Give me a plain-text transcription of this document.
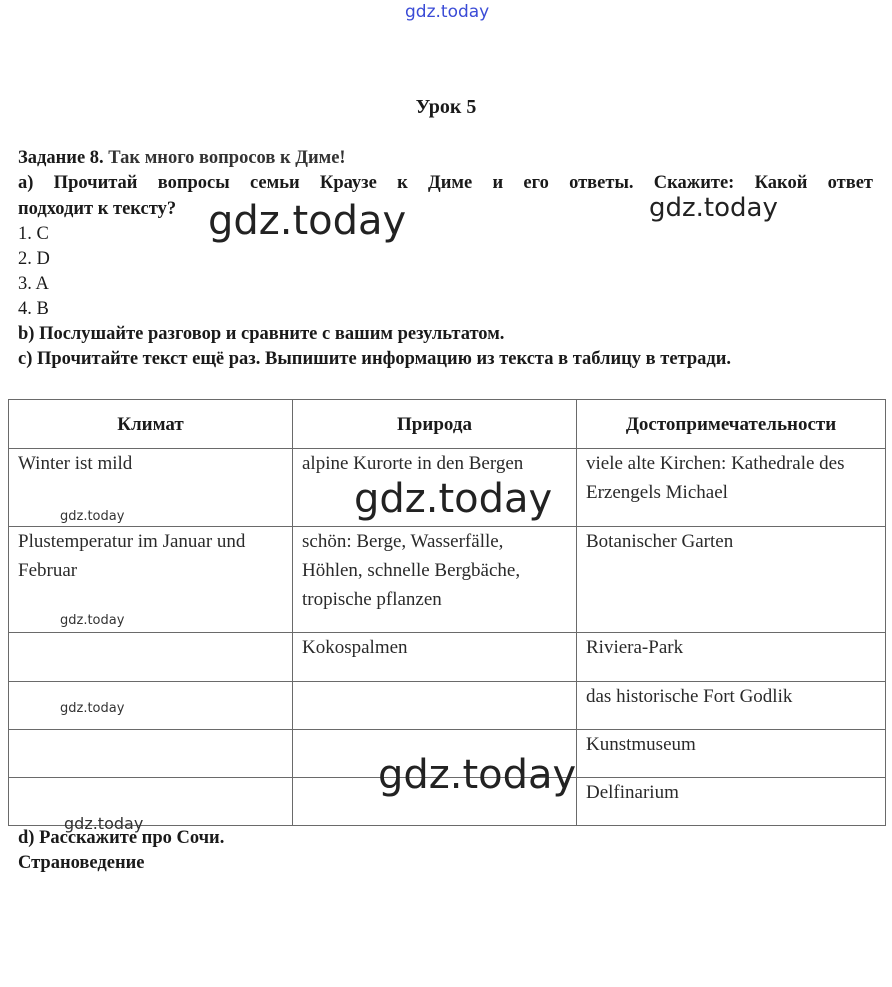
gdz.today
gdz.today	gdz.today
Урок 5
Задание 8. Так много вопросов к Диме!
а) Прочитай вопросы семьи Краузе к Диме и его ответы. Скажите: Какой ответ
подходит к тексту?
1. C
2. D
3. A
4. B
b) Послушайте разговор и сравните с вашим результатом.
c) Прочитайте текст ещё раз. Выпишите информацию из текста в таблицу в тетради.
Климат	Природа	Достопримечательности
Winter ist mild	alpine Kurorte in den Bergen	viele alte Kirchen: Kathedrale des Erzengels Michael
Plustemperatur im Januar und Februar	schön: Berge, Wasserfälle, Höhlen, schnelle Bergbäche, tropische pflanzen	Botanischer Garten
	Kokospalmen	Riviera-Park
		das historische Fort Godlik
		Kunstmuseum
		Delfinarium
gdz.today
gdz.today
gdz.today
gdz.today
gdz.today
gdz.today
d) Расскажите про Сочи.
Страноведение
